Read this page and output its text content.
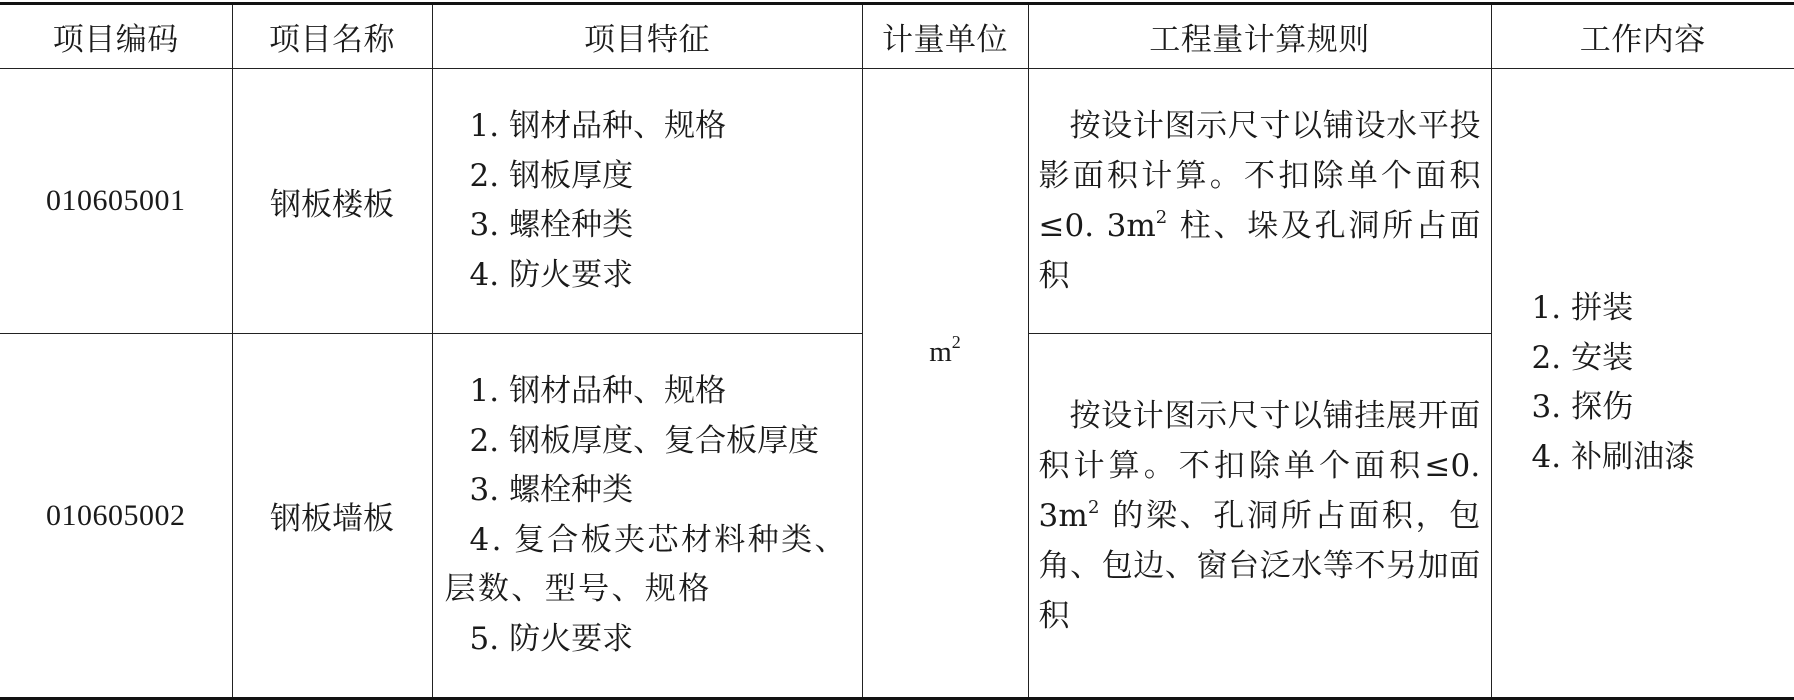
项目编码	项目名称	项目特征	计量单位	工程量计算规则	工作内容
010605001	钢板楼板	1. 钢材品种、规格
2. 钢板厚度
3. 螺栓种类
4. 防火要求	$m^2$	按设计图示尺寸以铺设水平投影面积计算。不扣除单个面积≤0. $3m^2$ 柱、垛及孔洞所占面积	1. 拼装
2. 安装
3. 探伤
4. 补刷油漆

010605002	钢板墙板	1. 钢材品种、规格
2. 钢板厚度、复合板厚度
3. 螺栓种类
4. 复合板夹芯材料种类、层数、型号、规格
5. 防火要求		按设计图示尺寸以铺挂展开面积计算。不扣除单个面积≤0. $3m^2$ 的梁、孔洞所占面积，包角、包边、窗台泛水等不另加面积	
